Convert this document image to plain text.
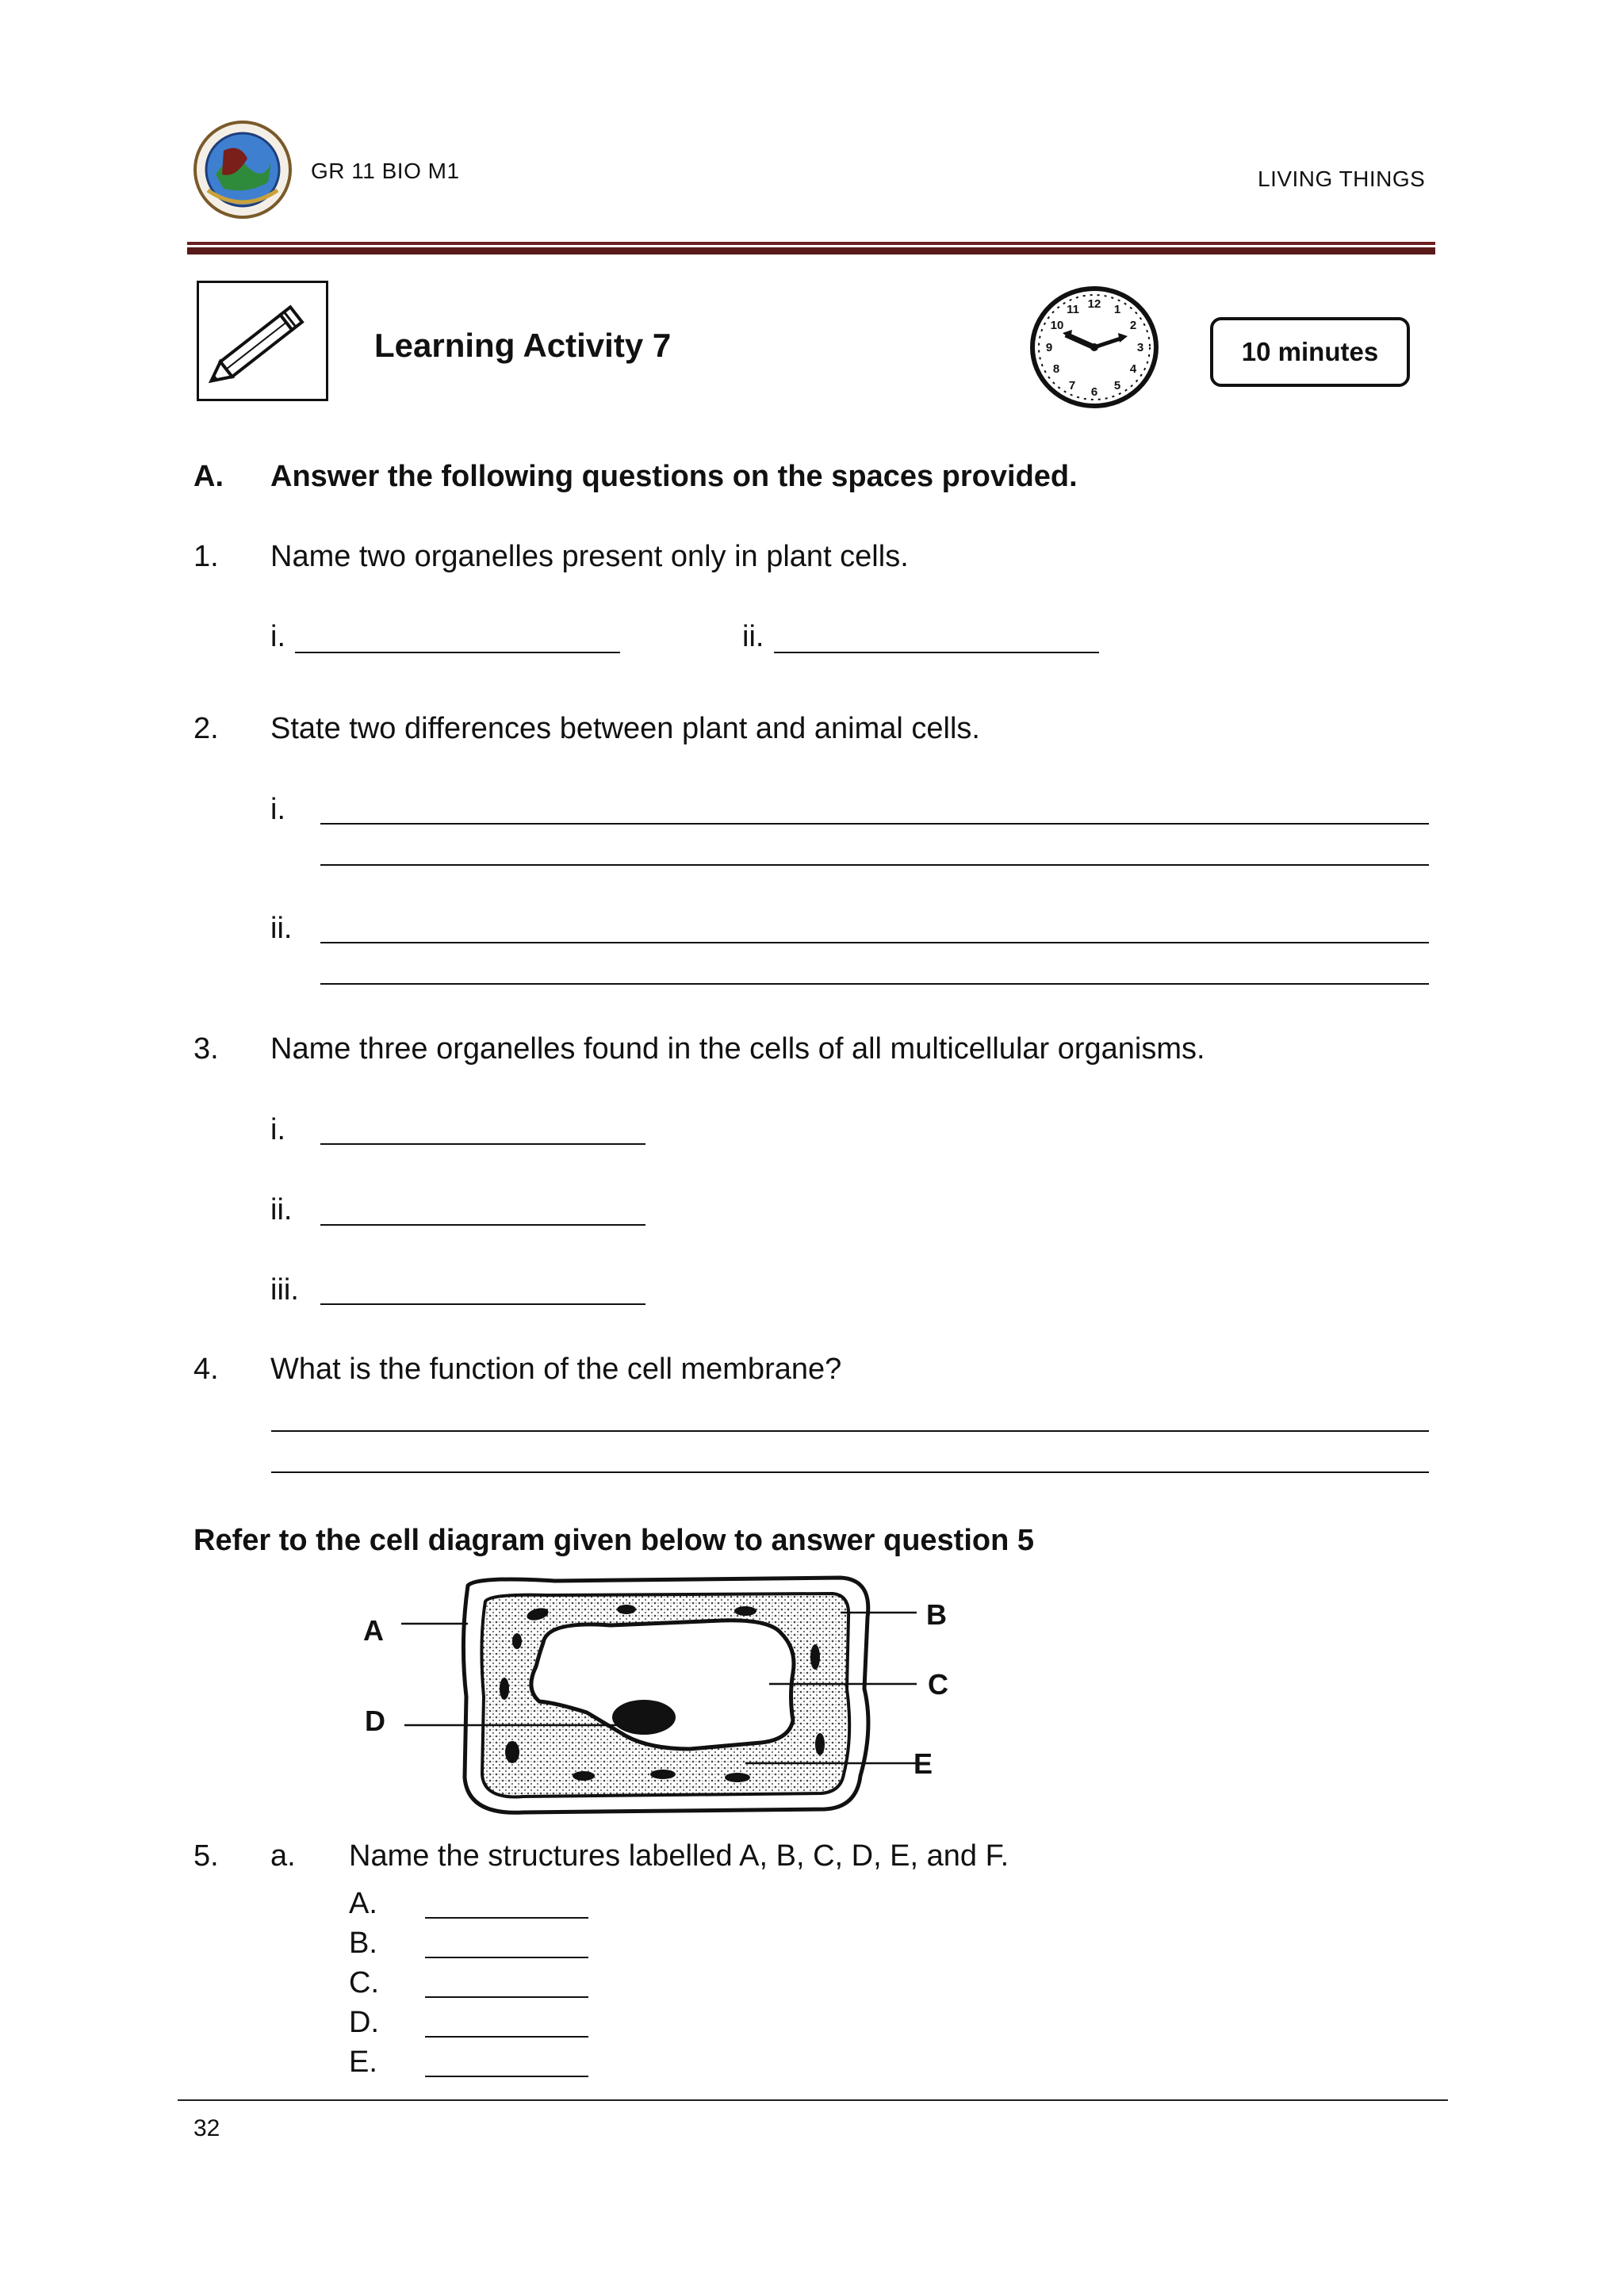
GR 11 BIO M1	LIVING THINGS
Learning Activity 7
12 1
2
3
4
5
6
7
8
9
10
11
10 minutes
A. Answer the following questions on the spaces provided.
1. Name two organelles present only in plant cells.
i.	ii.
2. State two differences between plant and animal cells.
i.
ii.
3. Name three organelles found in the cells of all multicellular organisms.
i.
ii.
iii.
4. What is the function of the cell membrane?
Refer to the cell diagram given below to answer question 5
A	B
C
D
E
5. a. Name the structures labelled A, B, C, D, E, and F.
A.
B.
C.
D.
E.
32
